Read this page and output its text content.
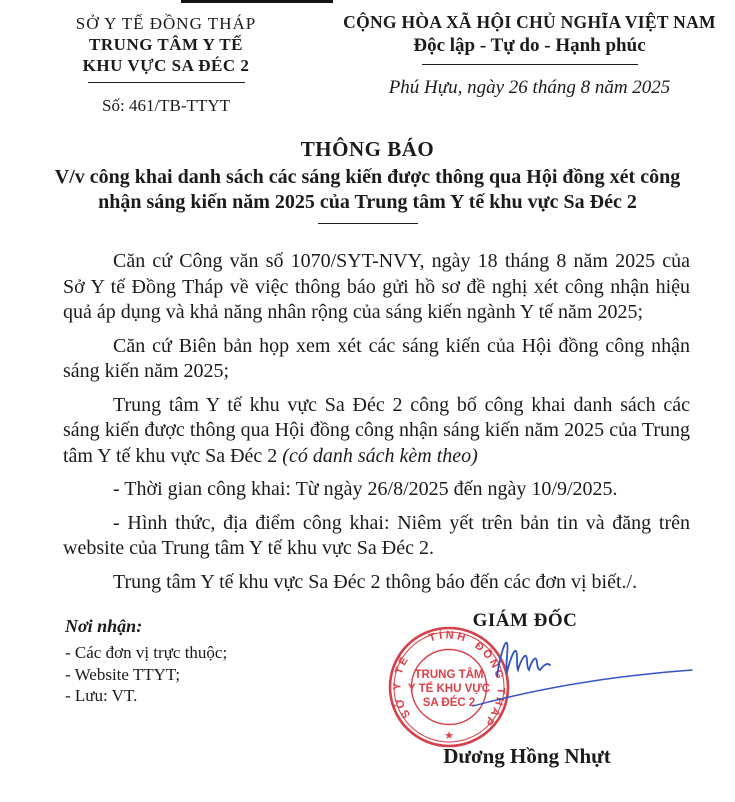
SỞ Y TẾ ĐỒNG THÁP
TRUNG TÂM Y TẾ
KHU VỰC SA ĐÉC 2
Số: 461/TB-TTYT
CỘNG HÒA XÃ HỘI CHỦ NGHĨA VIỆT NAM
Độc lập - Tự do - Hạnh phúc
Phú Hựu, ngày 26 tháng 8 năm 2025
THÔNG BÁO
V/v công khai danh sách các sáng kiến được thông qua Hội đồng xét công
nhận sáng kiến năm 2025 của Trung tâm Y tế khu vực Sa Đéc 2

Căn cứ Công văn số 1070/SYT-NVY, ngày 18 tháng 8 năm 2025 của Sở Y tế Đồng Tháp về việc thông báo gửi hồ sơ đề nghị xét công nhận hiệu quả áp dụng và khả năng nhân rộng của sáng kiến ngành Y tế năm 2025;

Căn cứ Biên bản họp xem xét các sáng kiến của Hội đồng công nhận sáng kiến năm 2025;

Trung tâm Y tế khu vực Sa Đéc 2 công bố công khai danh sách các sáng kiến được thông qua Hội đồng công nhận sáng kiến năm 2025 của Trung tâm Y tế khu vực Sa Đéc 2 (có danh sách kèm theo)

- Thời gian công khai: Từ ngày 26/8/2025 đến ngày 10/9/2025.

- Hình thức, địa điểm công khai: Niêm yết trên bản tin và đăng trên website của Trung tâm Y tế khu vực Sa Đéc 2.

Trung tâm Y tế khu vực Sa Đéc 2 thông báo đến các đơn vị biết./.

Nơi nhận:
- Các đơn vị trực thuộc;
- Website TTYT;
- Lưu: VT.
GIÁM ĐỐC
SỞ Y TẾ
TỈNH
ĐỒNG THÁP
★
TRUNG TÂM
Y TẾ KHU VỰC
SA ĐÉC 2
Dương Hồng Nhựt
